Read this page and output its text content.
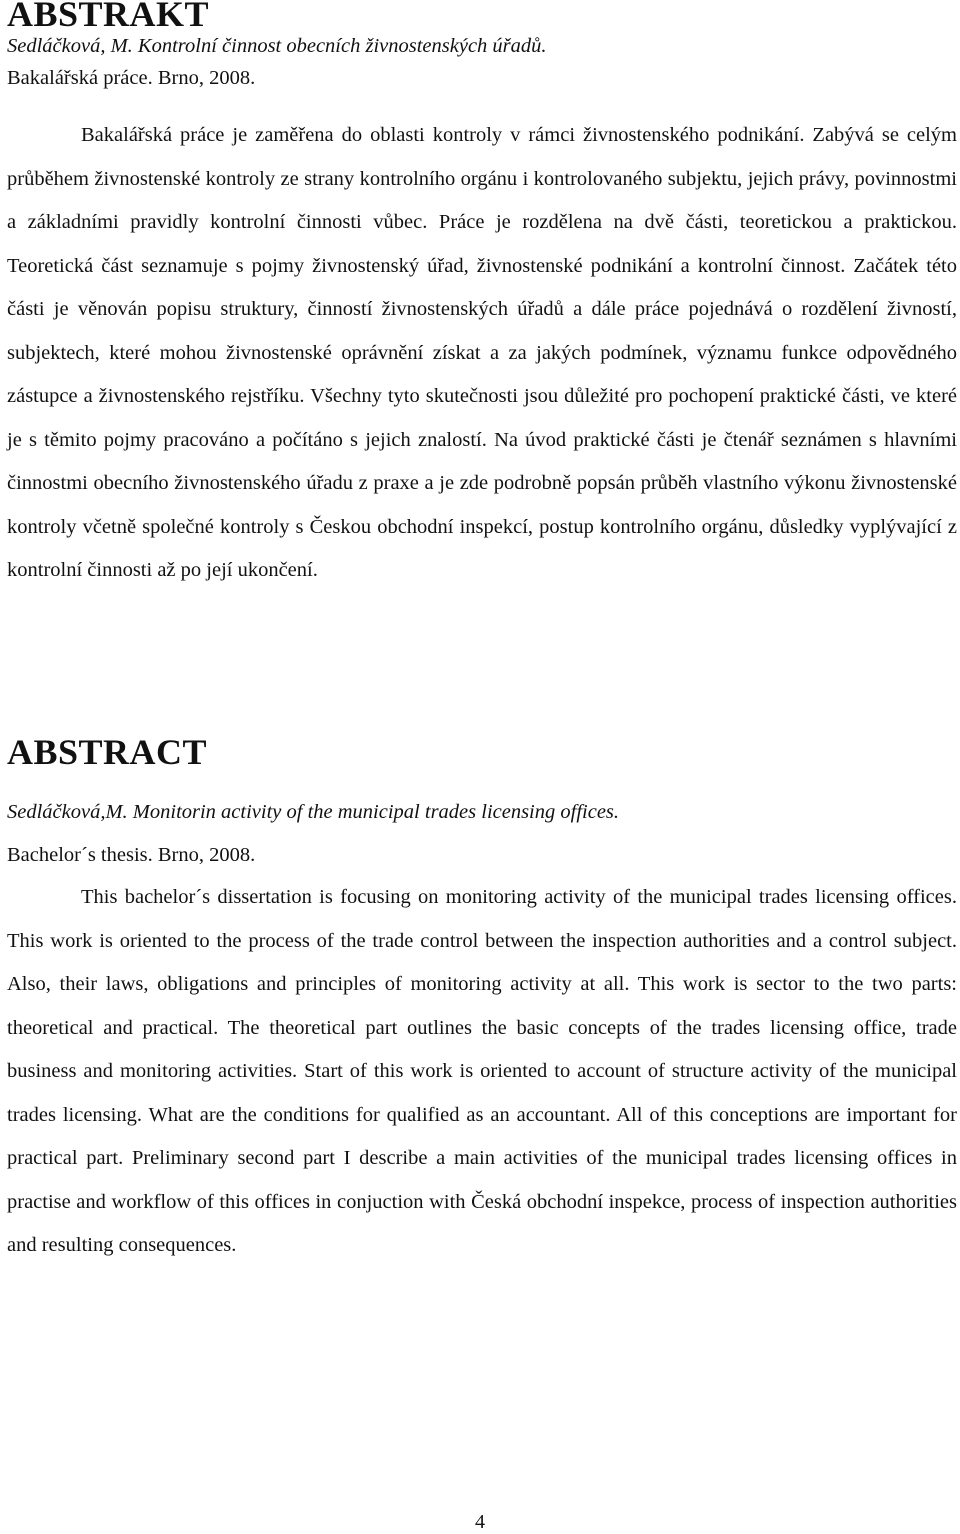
ABSTRAKT
Sedláčková, M. Kontrolní činnost obecních živnostenských úřadů.
Bakalářská práce. Brno, 2008.

Bakalářská práce je zaměřena do oblasti kontroly v rámci živnostenského podnikání. Zabývá se celým průběhem živnostenské kontroly ze strany kontrolního orgánu i kontrolovaného subjektu, jejich právy, povinnostmi a základními pravidly kontrolní činnosti vůbec. Práce je rozdělena na dvě části, teoretickou a praktickou. Teoretická část seznamuje s pojmy živnostenský úřad, živnostenské podnikání a kontrolní činnost. Začátek této části je věnován popisu struktury, činností živnostenských úřadů a dále práce pojednává o rozdělení živností, subjektech, které mohou živnostenské oprávnění získat a za jakých podmínek, významu funkce odpovědného zástupce a živnostenského rejstříku. Všechny tyto skutečnosti jsou důležité pro pochopení praktické části, ve které je s těmito pojmy pracováno a počítáno s jejich znalostí. Na úvod praktické části je čtenář seznámen s hlavními činnostmi obecního živnostenského úřadu z praxe a je zde podrobně popsán průběh vlastního výkonu živnostenské kontroly včetně společné kontroly s Českou obchodní inspekcí, postup kontrolního orgánu, důsledky vyplývající z kontrolní činnosti až po její ukončení.

ABSTRACT
Sedláčková,M. Monitorin activity of the municipal trades licensing offices.
Bachelor´s thesis. Brno, 2008.

This bachelor´s dissertation is focusing on monitoring activity of the municipal trades licensing offices. This work is oriented to the process of the trade control between the inspection authorities and a control subject. Also, their laws, obligations and principles of monitoring activity at all. This work is sector to the two parts: theoretical and practical. The theoretical part outlines the basic concepts of the trades licensing office, trade business and monitoring activities. Start of this work is oriented to account of structure activity of the municipal trades licensing. What are the conditions for qualified as an accountant. All of this conceptions are important for practical part. Preliminary second part I describe a main activities of the municipal trades licensing offices in practise and workflow of this offices in conjuction with Česká obchodní inspekce, process of inspection authorities and resulting consequences.

4
